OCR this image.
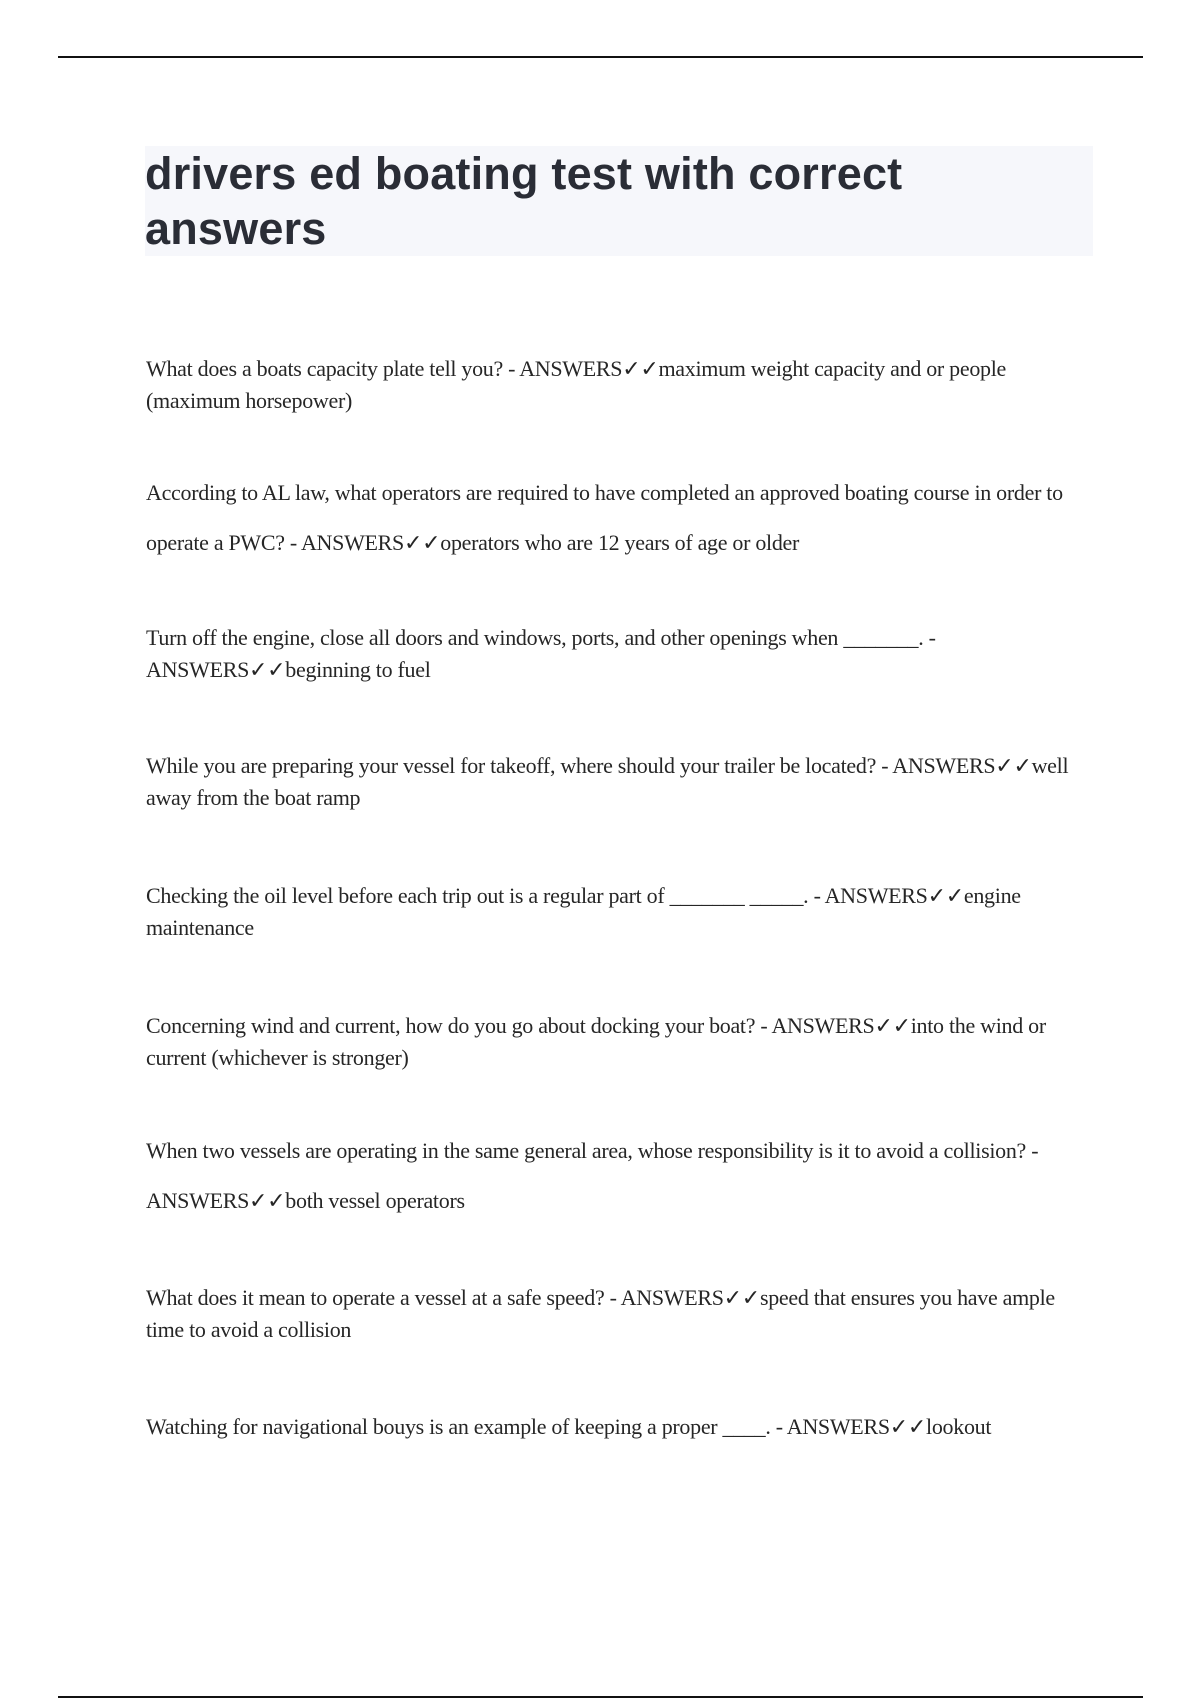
drivers ed boating test with correct answers

What does a boats capacity plate tell you? - ANSWERS✓✓maximum weight capacity and or people (maximum horsepower)

According to AL law, what operators are required to have completed an approved boating course in order to operate a PWC? - ANSWERS✓✓operators who are 12 years of age or older

Turn off the engine, close all doors and windows, ports, and other openings when _______. - ANSWERS✓✓beginning to fuel

While you are preparing your vessel for takeoff, where should your trailer be located? - ANSWERS✓✓well away from the boat ramp

Checking the oil level before each trip out is a regular part of _______ _____. - ANSWERS✓✓engine maintenance

Concerning wind and current, how do you go about docking your boat? - ANSWERS✓✓into the wind or current (whichever is stronger)

When two vessels are operating in the same general area, whose responsibility is it to avoid a collision? - ANSWERS✓✓both vessel operators

What does it mean to operate a vessel at a safe speed? - ANSWERS✓✓speed that ensures you have ample time to avoid a collision

Watching for navigational bouys is an example of keeping a proper ____. - ANSWERS✓✓lookout
